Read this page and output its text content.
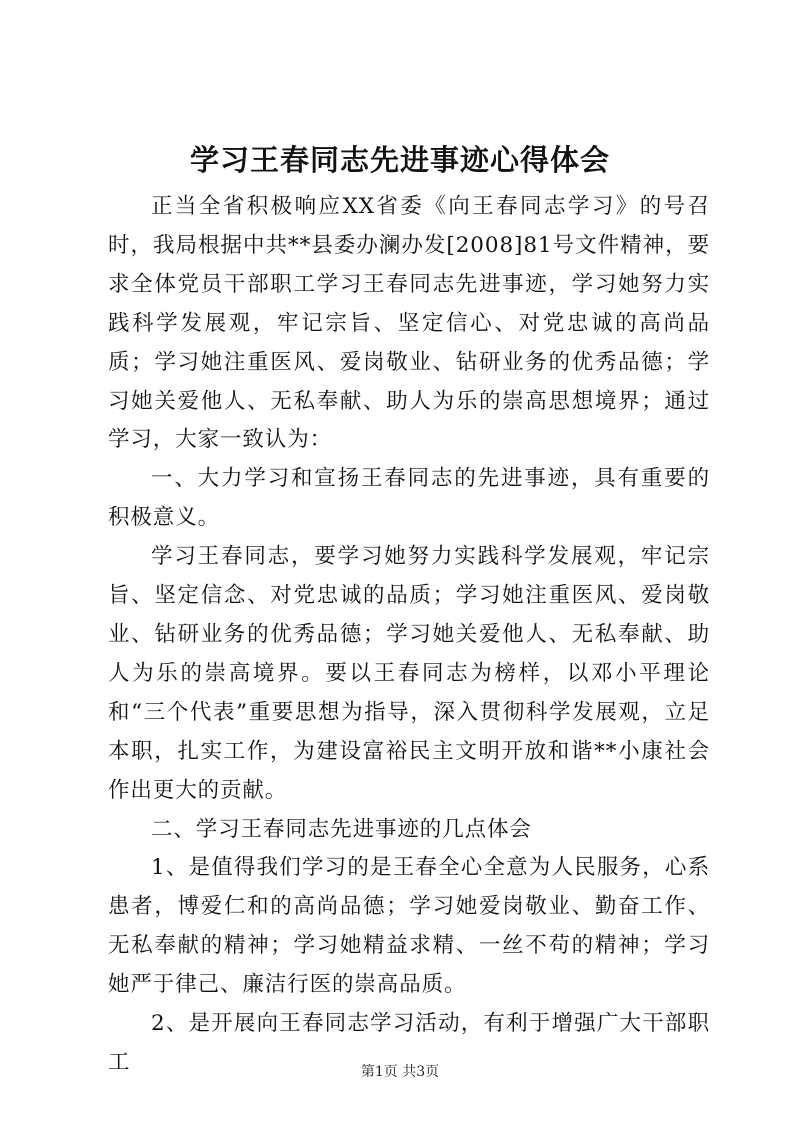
学习王春同志先进事迹心得体会

正当全省积极响应XX省委《向王春同志学习》的号召时，我局根据中共**县委办澜办发[2008]81号文件精神，要求全体党员干部职工学习王春同志先进事迹，学习她努力实践科学发展观，牢记宗旨、坚定信心、对党忠诚的高尚品质；学习她注重医风、爱岗敬业、钻研业务的优秀品德；学习她关爱他人、无私奉献、助人为乐的崇高思想境界；通过学习，大家一致认为：

一、大力学习和宣扬王春同志的先进事迹，具有重要的积极意义。

学习王春同志，要学习她努力实践科学发展观，牢记宗旨、坚定信念、对党忠诚的品质；学习她注重医风、爱岗敬业、钻研业务的优秀品德；学习她关爱他人、无私奉献、助人为乐的崇高境界。要以王春同志为榜样，以邓小平理论和“三个代表”重要思想为指导，深入贯彻科学发展观，立足本职，扎实工作，为建设富裕民主文明开放和谐**小康社会作出更大的贡献。

二、学习王春同志先进事迹的几点体会

1、是值得我们学习的是王春全心全意为人民服务，心系患者，博爱仁和的高尚品德；学习她爱岗敬业、勤奋工作、无私奉献的精神；学习她精益求精、一丝不苟的精神；学习她严于律己、廉洁行医的崇高品质。

2、是开展向王春同志学习活动，有利于增强广大干部职工	第1页 共3页
